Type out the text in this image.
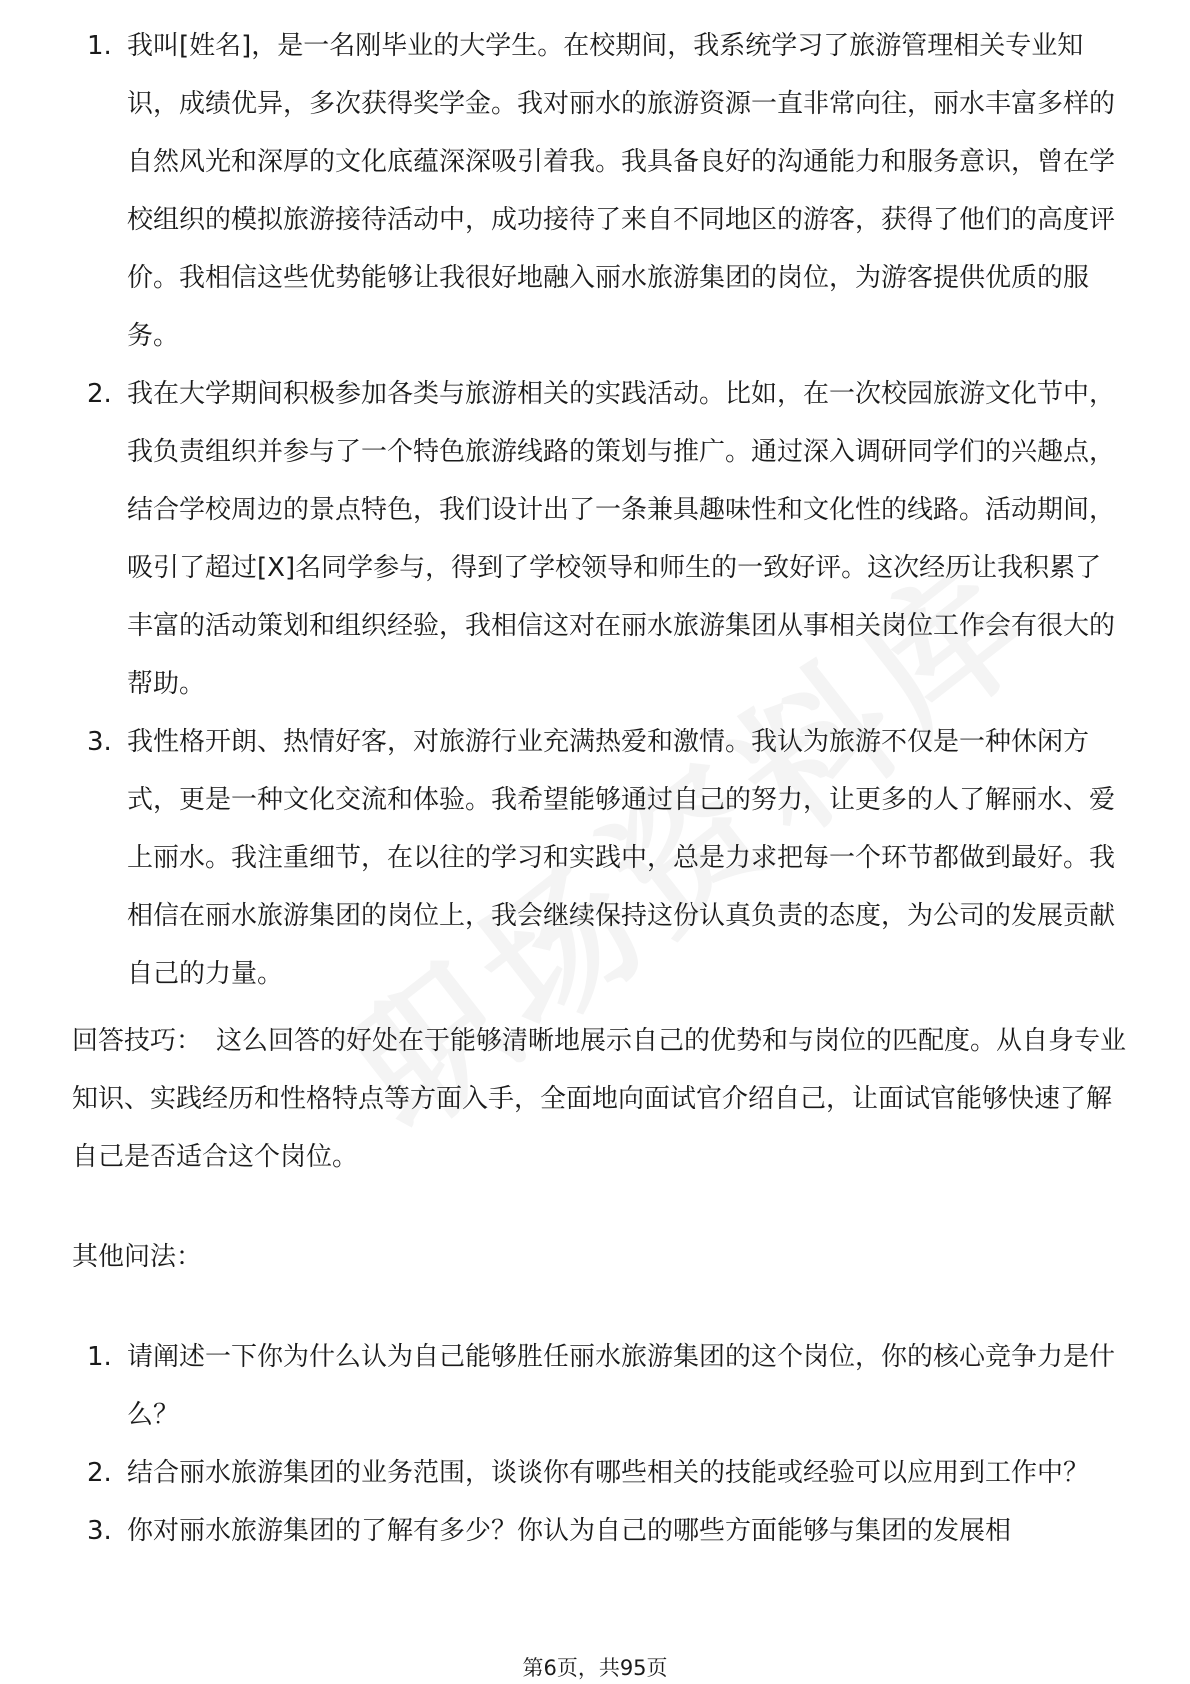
1. 我叫[姓名]，是一名刚毕业的大学生。在校期间，我系统学习了旅游管理相关专业知识，成绩优异，多次获得奖学金。我对丽水的旅游资源一直非常向往，丽水丰富多样的自然风光和深厚的文化底蕴深深吸引着我。我具备良好的沟通能力和服务意识，曾在学校组织的模拟旅游接待活动中，成功接待了来自不同地区的游客，获得了他们的高度评价。我相信这些优势能够让我很好地融入丽水旅游集团的岗位，为游客提供优质的服务。
2. 我在大学期间积极参加各类与旅游相关的实践活动。比如，在一次校园旅游文化节中，我负责组织并参与了一个特色旅游线路的策划与推广。通过深入调研同学们的兴趣点，结合学校周边的景点特色，我们设计出了一条兼具趣味性和文化性的线路。活动期间，吸引了超过[X]名同学参与，得到了学校领导和师生的一致好评。这次经历让我积累了丰富的活动策划和组织经验，我相信这对在丽水旅游集团从事相关岗位工作会有很大的帮助。
3. 我性格开朗、热情好客，对旅游行业充满热爱和激情。我认为旅游不仅是一种休闲方式，更是一种文化交流和体验。我希望能够通过自己的努力，让更多的人了解丽水、爱上丽水。我注重细节，在以往的学习和实践中，总是力求把每一个环节都做到最好。我相信在丽水旅游集团的岗位上，我会继续保持这份认真负责的态度，为公司的发展贡献自己的力量。

回答技巧： 这么回答的好处在于能够清晰地展示自己的优势和与岗位的匹配度。从自身专业知识、实践经历和性格特点等方面入手，全面地向面试官介绍自己，让面试官能够快速了解自己是否适合这个岗位。

其他问法：

1. 请阐述一下你为什么认为自己能够胜任丽水旅游集团的这个岗位，你的核心竞争力是什么？
2. 结合丽水旅游集团的业务范围，谈谈你有哪些相关的技能或经验可以应用到工作中？
3. 你对丽水旅游集团的了解有多少？你认为自己的哪些方面能够与集团的发展相
第6页，共95页
